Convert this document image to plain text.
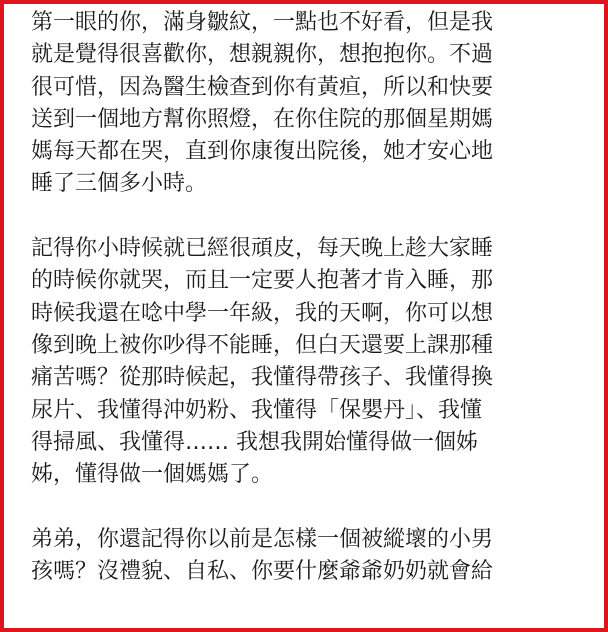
第一眼的你，滿身皺紋，一點也不好看，但是我
就是覺得很喜歡你，想親親你，想抱抱你。不過
很可惜，因為醫生檢查到你有黃疸，所以和快要
送到一個地方幫你照燈，在你住院的那個星期媽
媽每天都在哭，直到你康復出院後，她才安心地
睡了三個多小時。
記得你小時候就已經很頑皮，每天晚上趁大家睡
的時候你就哭，而且一定要人抱著才肯入睡，那
時候我還在唸中學一年級，我的天啊，你可以想
像到晚上被你吵得不能睡，但白天還要上課那種
痛苦嗎？從那時候起，我懂得帶孩子、我懂得換
尿片、我懂得沖奶粉、我懂得「保嬰丹」、我懂
得掃風、我懂得…… 我想我開始懂得做一個姊
姊，懂得做一個媽媽了。
弟弟，你還記得你以前是怎樣一個被縱壞的小男
孩嗎？沒禮貌、自私、你要什麼爺爺奶奶就會給
